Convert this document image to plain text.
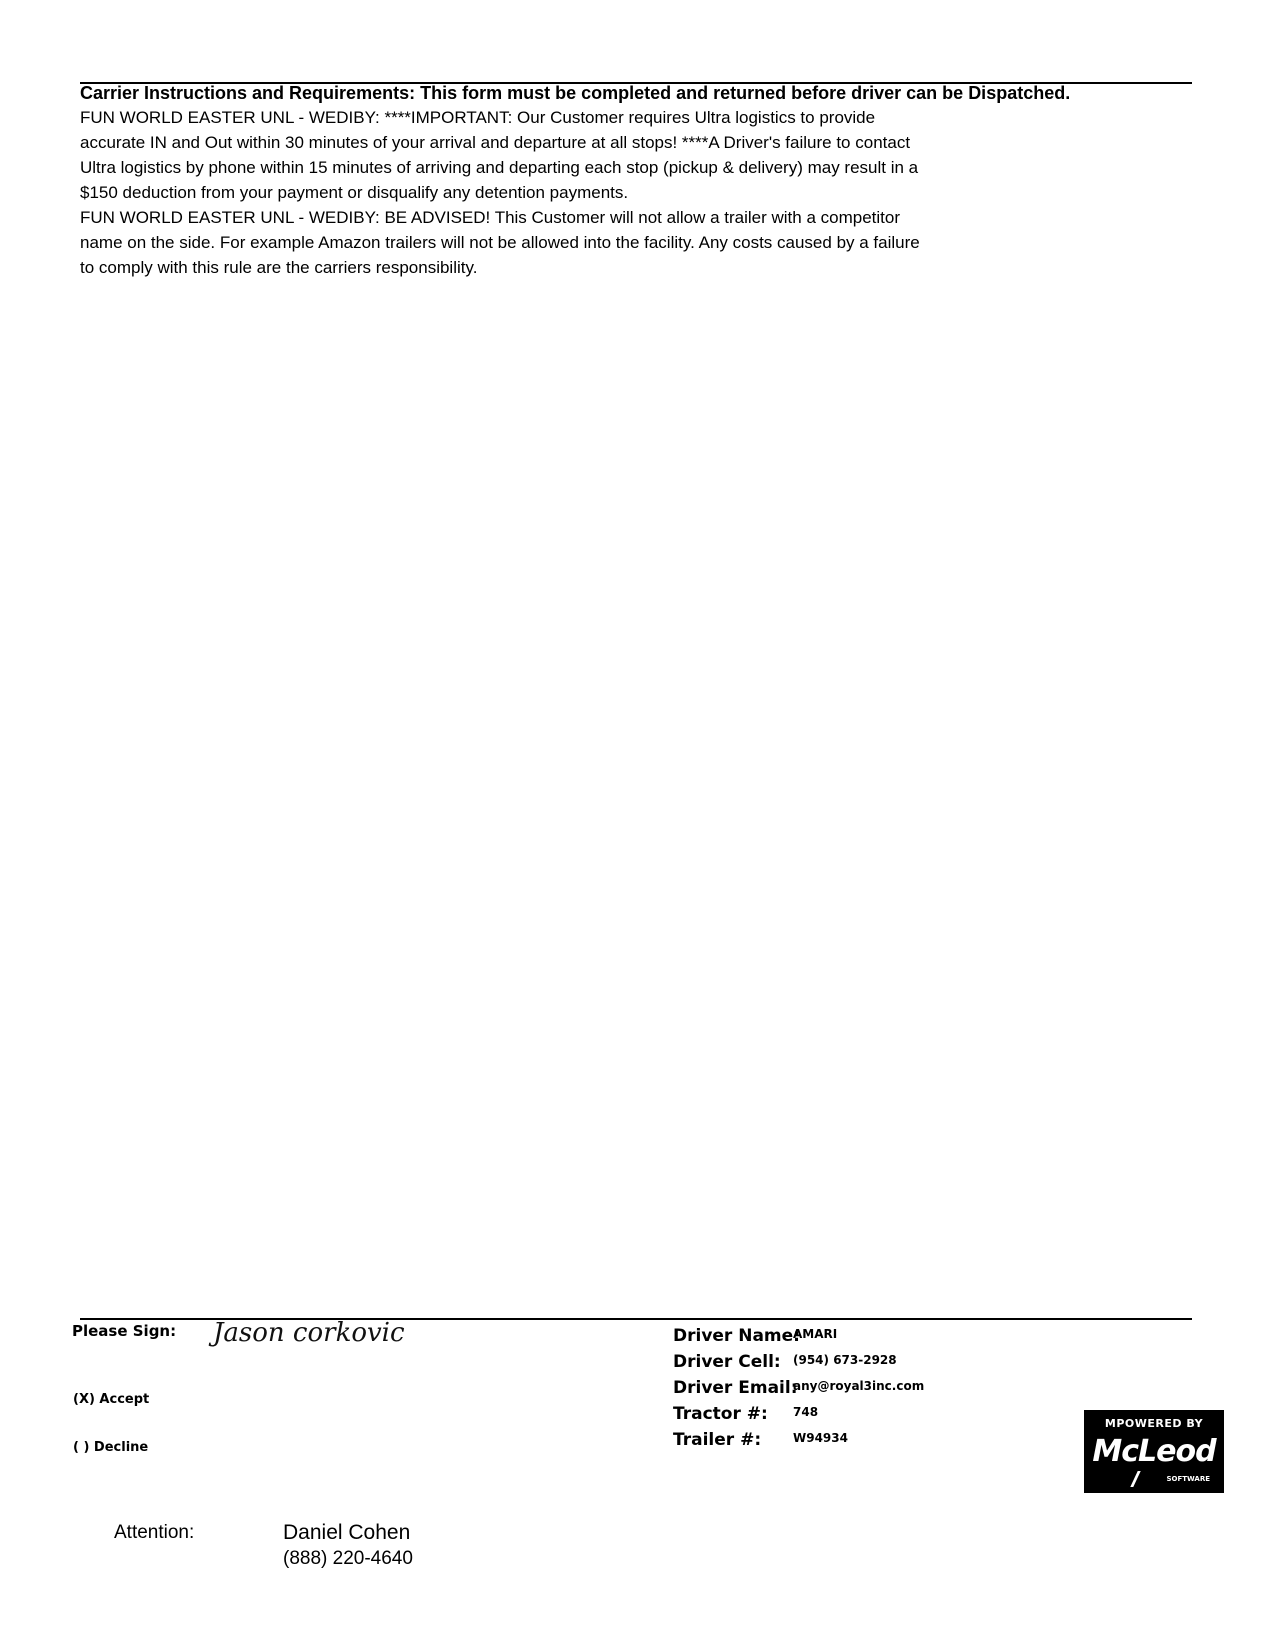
Carrier Instructions and Requirements: This form must be completed and returned before driver can be Dispatched.
FUN WORLD EASTER UNL - WEDIBY: ****IMPORTANT: Our Customer requires Ultra logistics to provide
accurate IN and Out within 30 minutes of your arrival and departure at all stops! ****A Driver's failure to contact
Ultra logistics by phone within 15 minutes of arriving and departing each stop (pickup & delivery) may result in a
$150 deduction from your payment or disqualify any detention payments.
FUN WORLD EASTER UNL - WEDIBY: BE ADVISED! This Customer will not allow a trailer with a competitor
name on the side. For example Amazon trailers will not be allowed into the facility. Any costs caused by a failure
to comply with this rule are the carriers responsibility.
Please Sign: Jason corkovic
(X) Accept
( ) Decline
Driver Name:
AMARI
Driver Cell: (954) 673-2928
Driver Email:
any@royal3inc.com
Tractor #: 748
Trailer #:	W94934
MPOWERED BY
McLeod
SOFTWARE
Attention:	Daniel Cohen
(888) 220-4640
